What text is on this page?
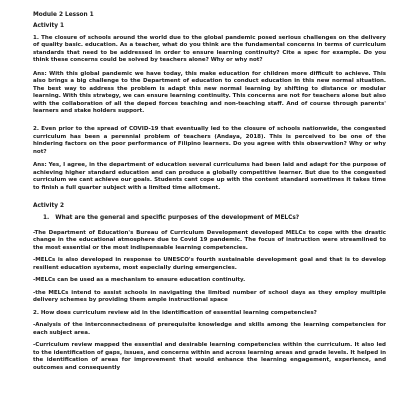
Module 2 Lesson 1
Activity 1

1. The closure of schools around the world due to the global pandemic posed serious challenges on the delivery of quality basic. education. As a teacher, what do you think are the fundamental concerns in terms of curriculum standards that need to be addressed in order to ensure learning continuity? Cite a spec for example. Do you think these concerns could be solved by teachers alone? Why or why not?

Ans: With this global pandemic we have today, this make education for children more difficult to achieve. This also brings a big challenge to the Department of education to conduct education in this new normal situation. The best way to address the problem is adapt this new normal learning by shifting to distance or modular learning. With this strategy, we can ensure learning continuity. This concerns are not for teachers alone but also with the collaboration of all the deped forces teaching and non-teaching staff. And of course through parents' learners and stake holders support.

2. Even prior to the spread of COVID-19 that eventually led to the closure of schools nationwide, the congested curriculum has been a perennial problem of teachers (Andaya, 2018). This is perceived to be one of the hindering factors on the poor performance of Filipino learners. Do you agree with this observation? Why or why not?

Ans: Yes, I agree, in the department of education several curriculums had been laid and adapt for the purpose of achieving higher standard education and can produce a globally competitive learner. But due to the congested curriculum we cant achieve our goals. Students cant cope up with the content standard sometimes it takes time to finish a full quarter subject with a limited time allotment.

Activity 2
1. What are the general and specific purposes of the development of MELCs?

-The Department of Education's Bureau of Curriculum Development developed MELCs to cope with the drastic change in the educational atmosphere due to Covid 19 pandemic. The focus of instruction were streamlined to the most essential or the most indispensable learning competencies.

-MELCs is also developed in response to UNESCO's fourth sustainable development goal and that is to develop resilient education systems, most especially during emergencies.

-MELCs can be used as a mechanism to ensure education continuity.

-the MELCs intend to assist schools in navigating the limited number of school days as they employ multiple delivery schemes by providing them ample instructional space

2. How does curriculum review aid in the identification of essential learning competencies?

-Analysis of the interconnectedness of prerequisite knowledge and skills among the learning competencies for each subject area.

-Curriculum review mapped the essential and desirable learning competencies within the curriculum. It also led to the identification of gaps, issues, and concerns within and across learning areas and grade levels. It helped in the identification of areas for improvement that would enhance the learning engagement, experience, and outcomes and consequently
